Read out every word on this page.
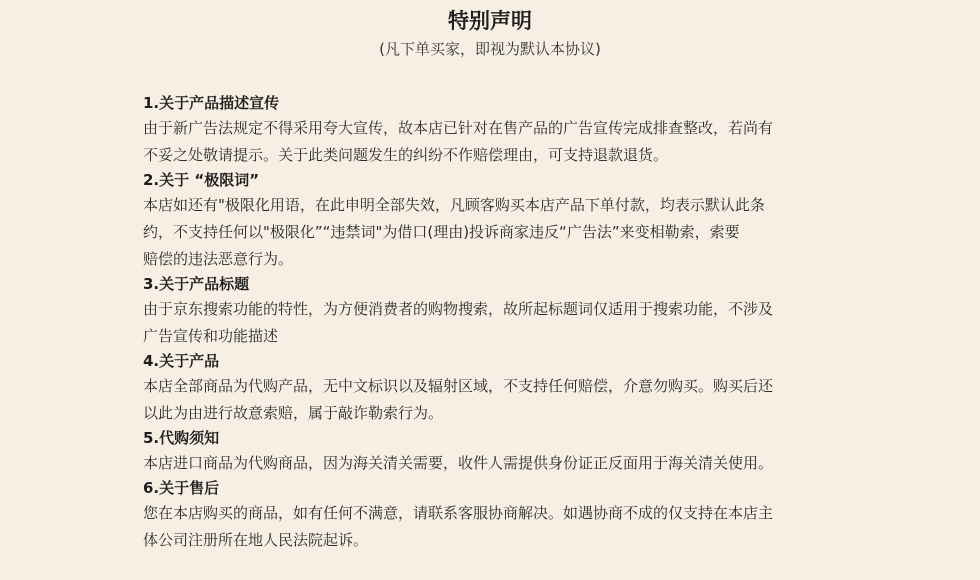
特别声明
(凡下单买家，即视为默认本协议)
1.关于产品描述宣传
由于新广告法规定不得采用夸大宣传，故本店已针对在售产品的广告宣传完成排查整改，若尚有
不妥之处敬请提示。关于此类问题发生的纠纷不作赔偿理由，可支持退款退货。
2.关于 “极限词”
本店如还有"极限化用语，在此申明全部失效，凡顾客购买本店产品下单付款，均表示默认此条
约，不支持任何以"极限化”“违禁词"为借口(理由)投诉商家违反“广告法”来变相勒索，索要
赔偿的违法恶意行为。
3.关于产品标题
由于京东搜索功能的特性，为方便消费者的购物搜索，故所起标题词仅适用于搜索功能，不涉及
广告宣传和功能描述
4.关于产品
本店全部商品为代购产品，无中文标识以及辐射区域，不支持任何赔偿，介意勿购买。购买后还
以此为由进行故意索赔，属于敲诈勒索行为。
5.代购须知
本店进口商品为代购商品，因为海关清关需要，收件人需提供身份证正反面用于海关清关使用。
6.关于售后
您在本店购买的商品，如有任何不满意，请联系客服协商解决。如遇协商不成的仅支持在本店主
体公司注册所在地人民法院起诉。
